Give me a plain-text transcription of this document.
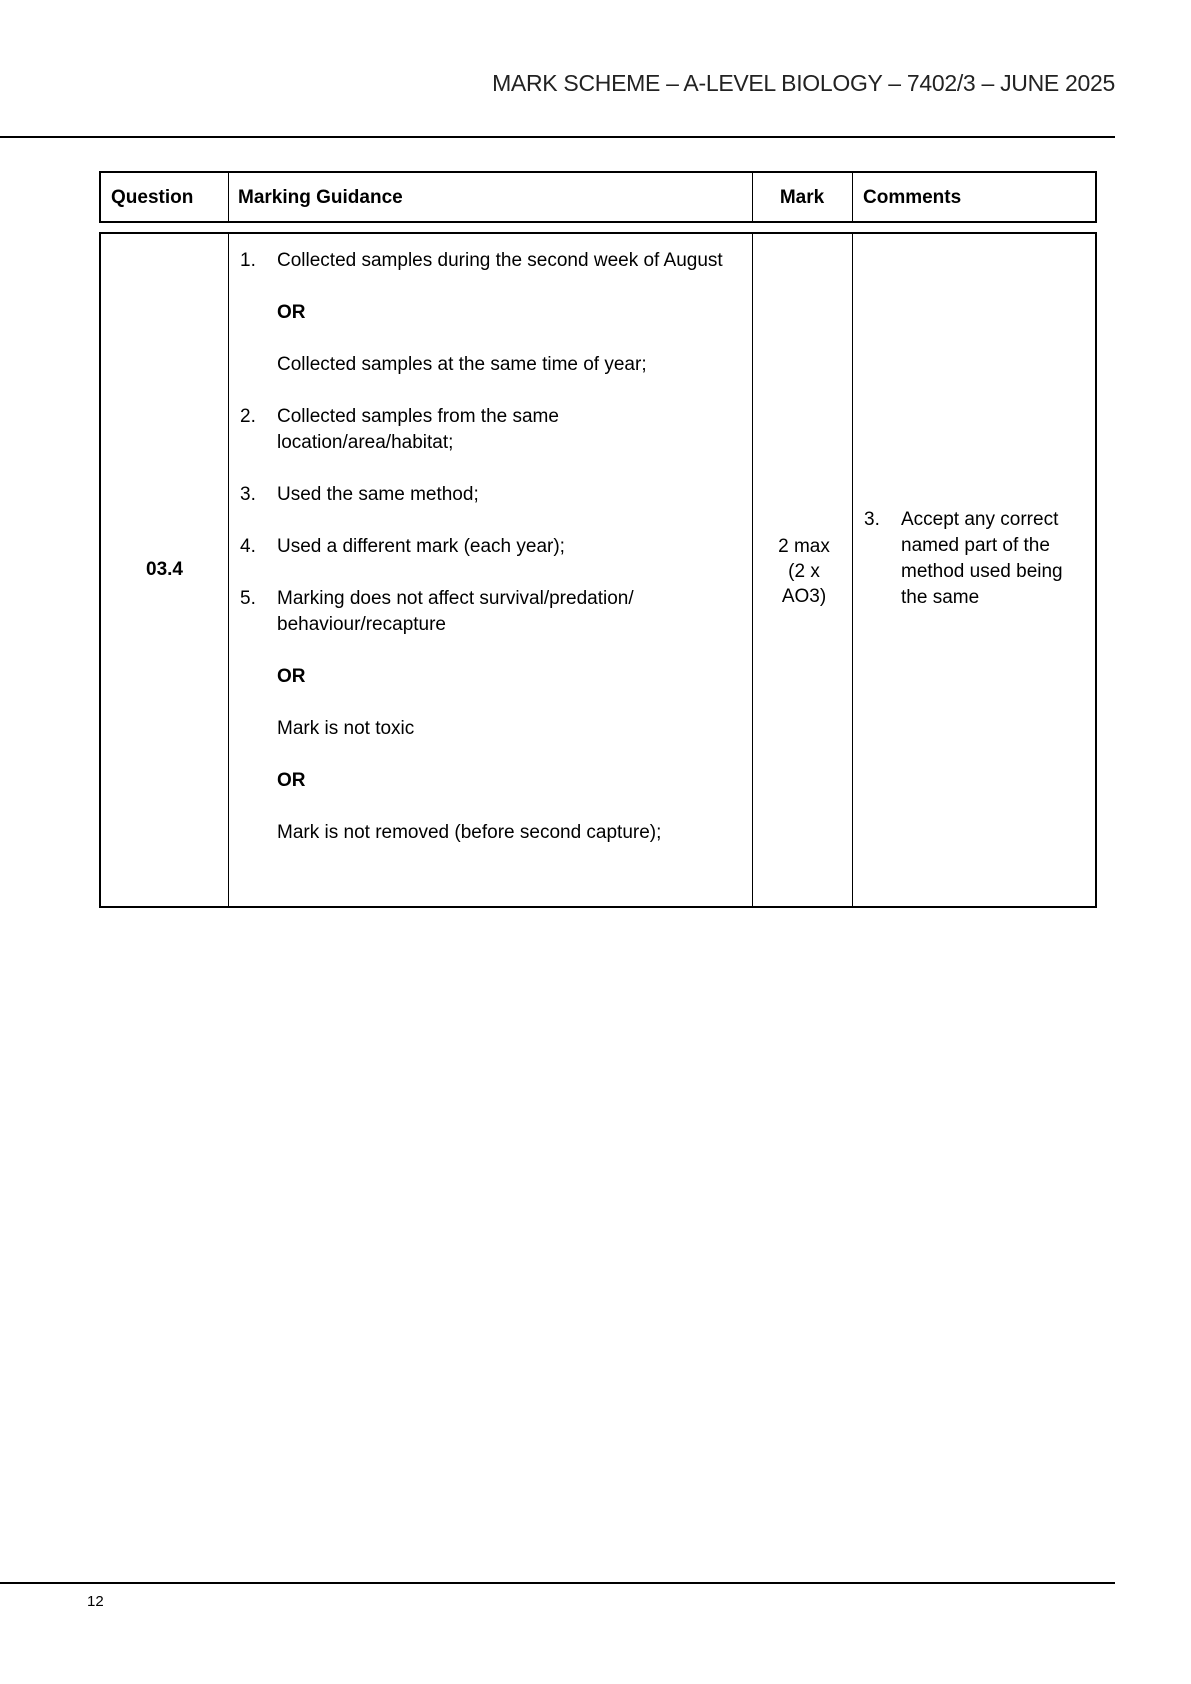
MARK SCHEME – A-LEVEL BIOLOGY – 7402/3 – JUNE 2025
Question Marking Guidance	Mark	Comments
03.4
1. Collected samples during the second week of August
OR
Collected samples at the same time of year;
2. Collected samples from the same location/area/habitat;
3. Used the same method;
4. Used a different mark (each year);
5. Marking does not affect survival/predation/ behaviour/recapture
OR
Mark is not toxic
OR
Mark is not removed (before second capture);
2 max
(2 x
AO3)
3. Accept any correct named part of the method used being the same
12
